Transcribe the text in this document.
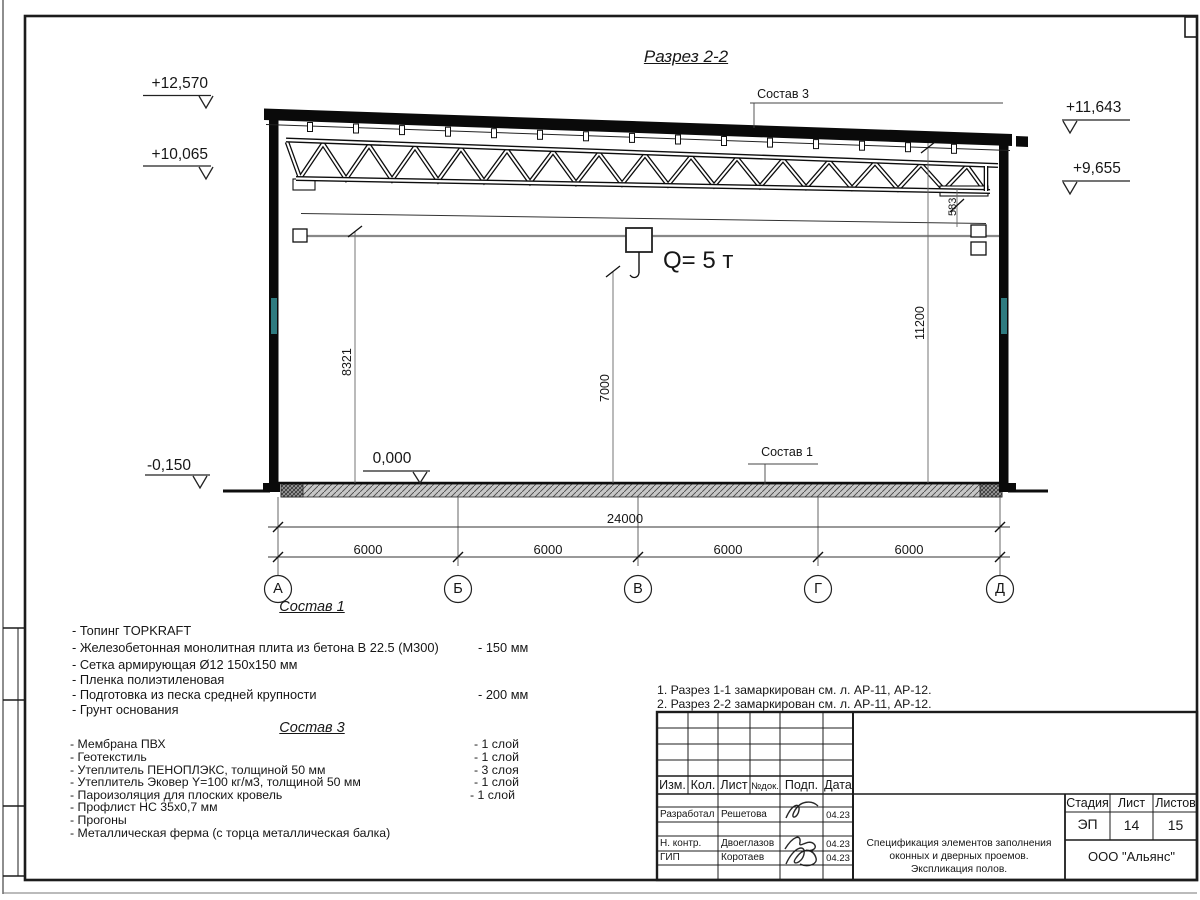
Разрез 2-2
+12,570
+10,065
+11,643
+9,655
0,000
-0,150
Состав 3
Состав 1
Q= 5 т
8321
7000
11200
583
24000
6000	6000	6000	6000
А	Б	В	Г	Д
Состав 1
- Топинг TOPKRAFT
- Железобетонная монолитная плита из бетона В 22.5 (М300)	- 150 мм
- Сетка армирующая Ø12 150х150 мм
- Пленка полиэтиленовая
- Подготовка из песка средней крупности	- 200 мм
- Грунт основания
Состав 3
- Мембрана ПВХ	- 1 слой
- Геотекстиль	- 1 слой
- Утеплитель ПЕНОПЛЭКС, толщиной 50 мм	- 3 слоя
- Утеплитель Эковер Y=100 кг/м3, толщиной 50 мм	- 1 слой
- Пароизоляция для плоских кровель	- 1 слой
- Профлист НС 35х0,7 мм
- Прогоны
- Металлическая ферма (с торца металлическая балка)
1. Разрез 1-1 замаркирован см. л. АР-11, АР-12.
2. Разрез 2-2 замаркирован см. л. АР-11, АР-12.
Изм. Кол. Лист №док. Подп. Дата
Разработал Решетова	04.23
Н. контр. Двоеглазов	04.23
ГИП	Коротаев	04.23
Стадия Лист Листов
ЭП	14	15
Спецификация элементов заполнения
оконных и дверных проемов.
Экспликация полов.
ООО "Альянс"
